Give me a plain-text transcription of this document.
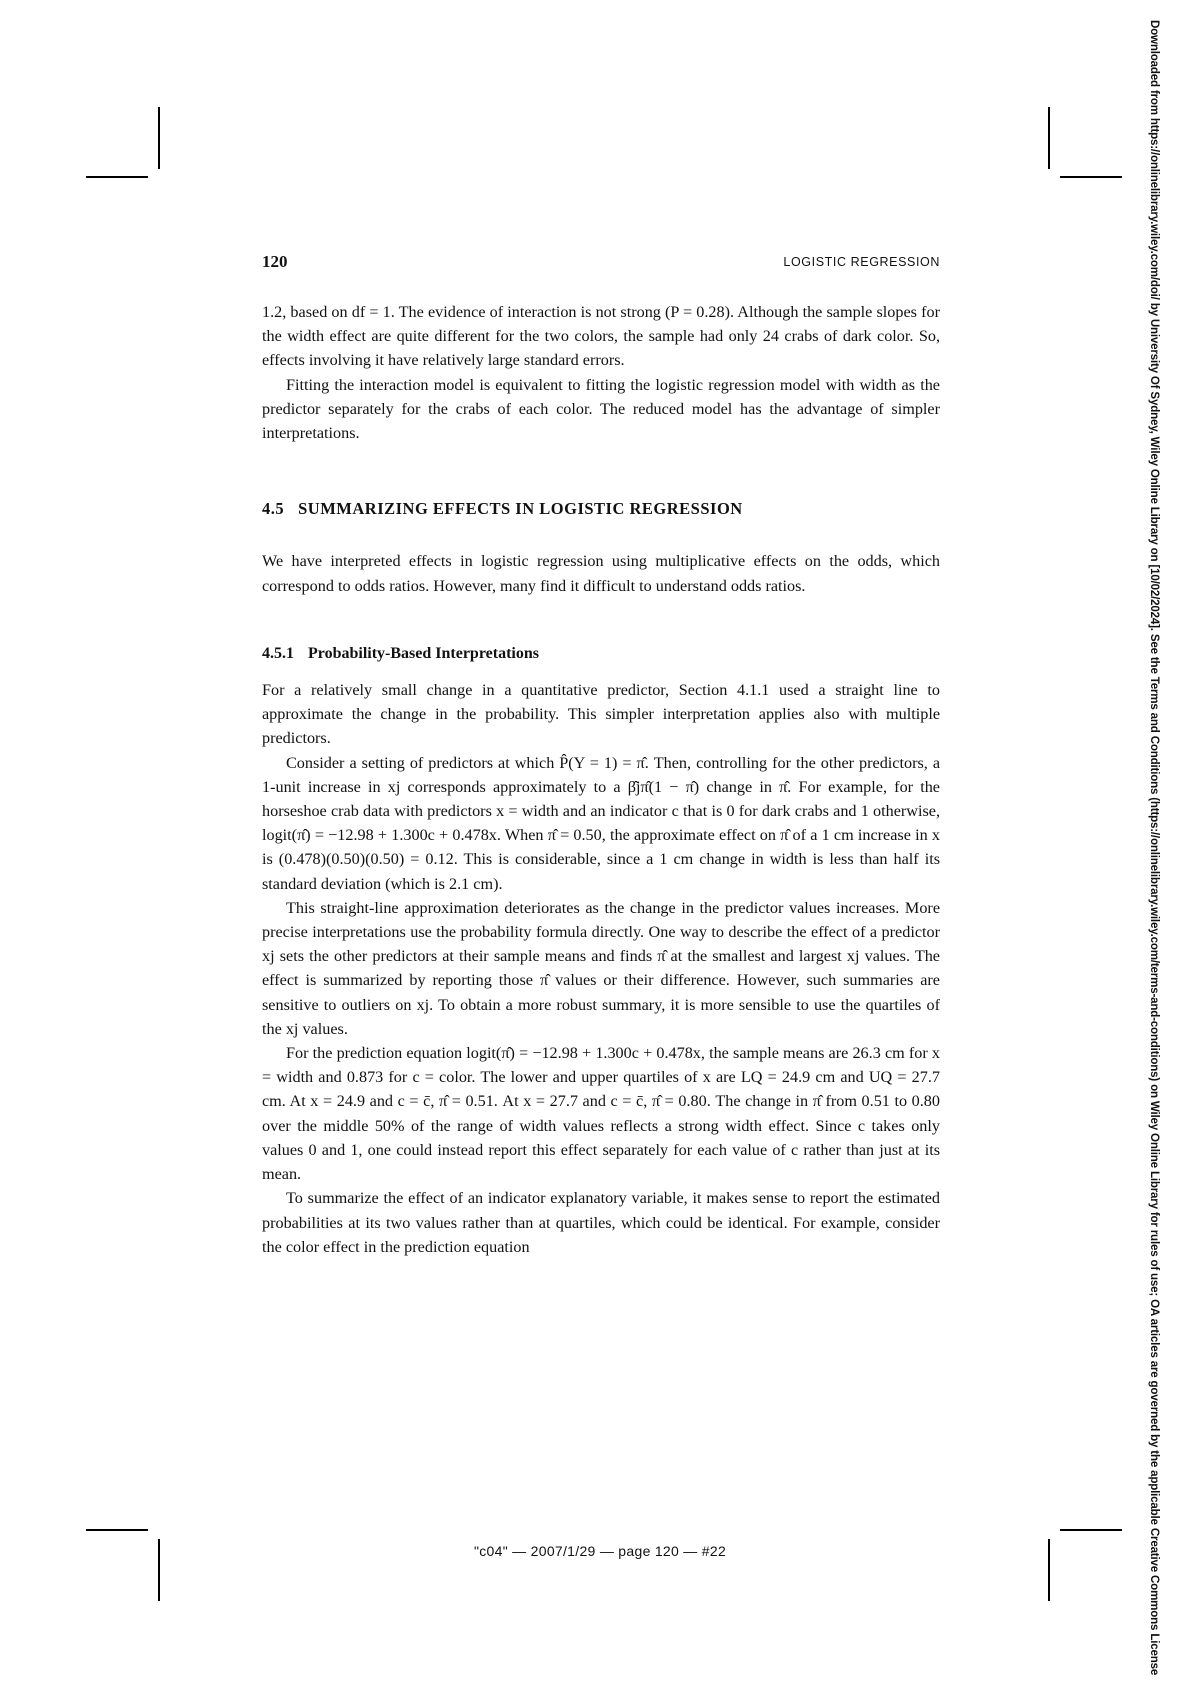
Downloaded from https://onlinelibrary.wiley.com/doi/ by University Of Sydney, Wiley Online Library on [10/02/2024]. See the Terms and Conditions (https://onlinelibrary.wiley.com/terms-and-conditions) on Wiley Online Library for rules of use; OA articles are governed by the applicable Creative Commons License
120	LOGISTIC REGRESSION

1.2, based on df = 1. The evidence of interaction is not strong (P = 0.28). Although the sample slopes for the width effect are quite different for the two colors, the sample had only 24 crabs of dark color. So, effects involving it have relatively large standard errors.

Fitting the interaction model is equivalent to fitting the logistic regression model with width as the predictor separately for the crabs of each color. The reduced model has the advantage of simpler interpretations.

4.5 SUMMARIZING EFFECTS IN LOGISTIC REGRESSION

We have interpreted effects in logistic regression using multiplicative effects on the odds, which correspond to odds ratios. However, many find it difficult to understand odds ratios.

4.5.1 Probability-Based Interpretations

For a relatively small change in a quantitative predictor, Section 4.1.1 used a straight line to approximate the change in the probability. This simpler interpretation applies also with multiple predictors.

Consider a setting of predictors at which P̂(Y = 1) = π̂. Then, controlling for the other predictors, a 1-unit increase in xj corresponds approximately to a β̂jπ̂(1 − π̂) change in π̂. For example, for the horseshoe crab data with predictors x = width and an indicator c that is 0 for dark crabs and 1 otherwise, logit(π̂) = −12.98 + 1.300c + 0.478x. When π̂ = 0.50, the approximate effect on π̂ of a 1 cm increase in x is (0.478)(0.50)(0.50) = 0.12. This is considerable, since a 1 cm change in width is less than half its standard deviation (which is 2.1 cm).

This straight-line approximation deteriorates as the change in the predictor values increases. More precise interpretations use the probability formula directly. One way to describe the effect of a predictor xj sets the other predictors at their sample means and finds π̂ at the smallest and largest xj values. The effect is summarized by reporting those π̂ values or their difference. However, such summaries are sensitive to outliers on xj. To obtain a more robust summary, it is more sensible to use the quartiles of the xj values.

For the prediction equation logit(π̂) = −12.98 + 1.300c + 0.478x, the sample means are 26.3 cm for x = width and 0.873 for c = color. The lower and upper quartiles of x are LQ = 24.9 cm and UQ = 27.7 cm. At x = 24.9 and c = c̄, π̂ = 0.51. At x = 27.7 and c = c̄, π̂ = 0.80. The change in π̂ from 0.51 to 0.80 over the middle 50% of the range of width values reflects a strong width effect. Since c takes only values 0 and 1, one could instead report this effect separately for each value of c rather than just at its mean.

To summarize the effect of an indicator explanatory variable, it makes sense to report the estimated probabilities at its two values rather than at quartiles, which could be identical. For example, consider the color effect in the prediction equation

"c04" — 2007/1/29 — page 120 — #22
